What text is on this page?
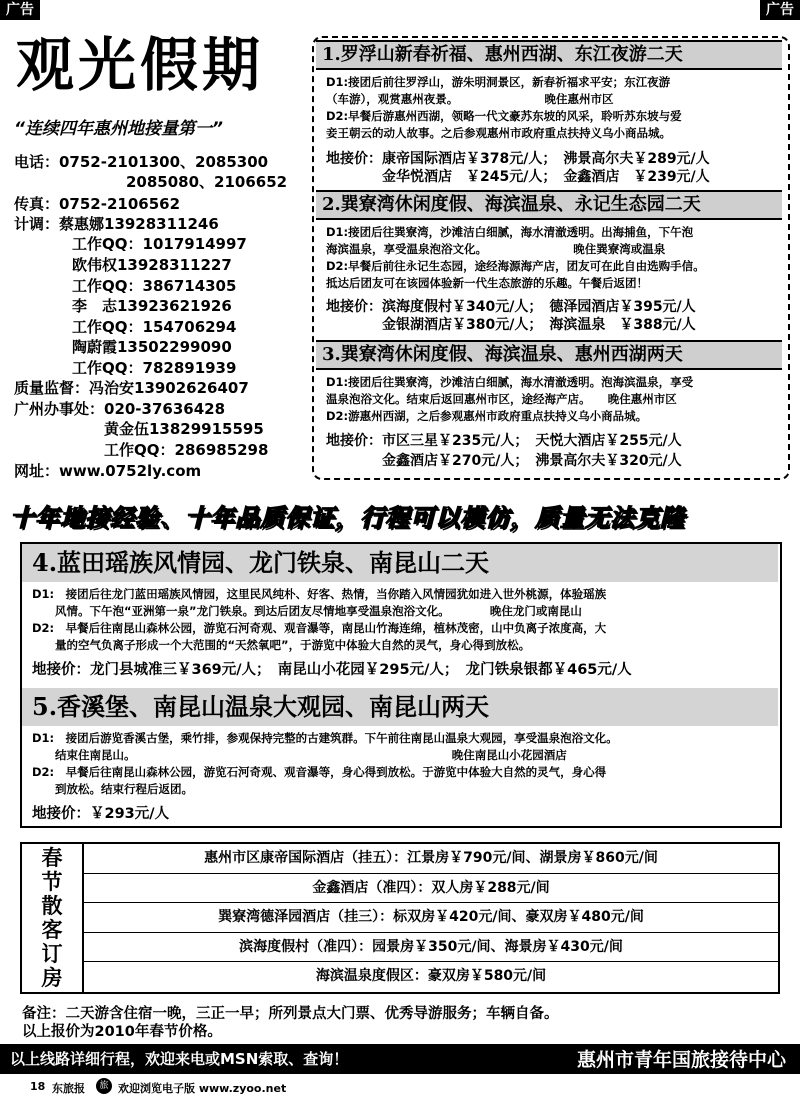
广告	广告
观光假期
“连续四年惠州地接量第一”
电话：0752-2101300、2085300
2085080、2106652
传真：0752-2106562
计调：蔡惠娜13928311246
工作QQ：1017914997
欧伟权13928311227
工作QQ：386714305
李　志13923621926
工作QQ：154706294
陶蔚霞13502299090
工作QQ：782891939
质量监督：冯治安13902626407
广州办事处：020-37636428
黄金伍13829915595
工作QQ：286985298
网址：www.0752ly.com
1.罗浮山新春祈福、惠州西湖、东江夜游二天
D1:接团后前往罗浮山，游朱明洞景区，新春祈福求平安；东江夜游
（车游），观赏惠州夜景。　　　　　　　　晚住惠州市区
D2:早餐后游惠州西湖，领略一代文豪苏东坡的风采，聆听苏东坡与爱
妾王朝云的动人故事。之后参观惠州市政府重点扶持义乌小商品城。
地接价：康帝国际酒店￥378元/人；　沸景高尔夫￥289元/人
　　　　金华悦酒店　￥245元/人；　金鑫酒店　￥239元/人
2.巽寮湾休闲度假、海滨温泉、永记生态园二天
D1:接团后往巽寮湾，沙滩洁白细腻，海水清澈透明。出海捕鱼，下午泡
海滨温泉，享受温泉泡浴文化。　　　　　　　　晚住巽寮湾或温泉
D2:早餐后前往永记生态园，途经海源海产店，团友可在此自由选购手信。
抵达后团友可在该园体验新一代生态旅游的乐趣。午餐后返团！
地接价：滨海度假村￥340元/人；　德泽园酒店￥395元/人
　　　　金银湖酒店￥380元/人；　海滨温泉　￥388元/人
3.巽寮湾休闲度假、海滨温泉、惠州西湖两天
D1:接团后往巽寮湾，沙滩洁白细腻，海水清澈透明。泡海滨温泉，享受
温泉泡浴文化。结束后返回惠州市区，途经海产店。　　晚住惠州市区
D2:游惠州西湖，之后参观惠州市政府重点扶持义乌小商品城。
地接价：市区三星￥235元/人；　天悦大酒店￥255元/人
　　　　金鑫酒店￥270元/人；　沸景高尔夫￥320元/人
十年地接经验、十年品质保证，行程可以模仿，质量无法克隆
4.蓝田瑶族风情园、龙门铁泉、南昆山二天
D1:　接团后往龙门蓝田瑶族风情园，这里民风纯朴、好客、热情，当你踏入风情园犹如进入世外桃源，体验瑶族
　　风情。下午泡“亚洲第一泉”龙门铁泉。到达后团友尽情地享受温泉泡浴文化。　　　　晚住龙门或南昆山
D2:　早餐后往南昆山森林公园，游览石河奇观、观音瀑等，南昆山竹海连绵，植林茂密，山中负离子浓度高，大
　　量的空气负离子形成一个大范围的“天然氧吧”，于游览中体验大自然的灵气，身心得到放松。
地接价：龙门县城准三￥369元/人；　南昆山小花园￥295元/人；　龙门铁泉银都￥465元/人
5.香溪堡、南昆山温泉大观园、南昆山两天
D1:　接团后游览香溪古堡，乘竹排，参观保持完整的古建筑群。下午前往南昆山温泉大观园，享受温泉泡浴文化。
　　结束住南昆山。　　　　　　　　　　　　　　　　　　　　　　　　　　　　晚住南昆山小花园酒店
D2:　早餐后往南昆山森林公园，游览石河奇观、观音瀑等，身心得到放松。于游览中体验大自然的灵气，身心得
　　到放松。结束行程后返团。
地接价：￥293元/人
春
节
散
客
订
房
惠州市区康帝国际酒店（挂五）：江景房￥790元/间、湖景房￥860元/间
金鑫酒店（准四）：双人房￥288元/间
巽寮湾德泽园酒店（挂三）：标双房￥420元/间、豪双房￥480元/间
滨海度假村（准四）：园景房￥350元/间、海景房￥430元/间
海滨温泉度假区：豪双房￥580元/间
备注：二天游含住宿一晚，三正一早；所列景点大门票、优秀导游服务；车辆自备。
以上报价为2010年春节价格。
以上线路详细行程，欢迎来电或MSN索取、查询！	惠州市青年国旅接待中心
18 东旅报	旅 欢迎浏览电子版 www.zyoo.net
